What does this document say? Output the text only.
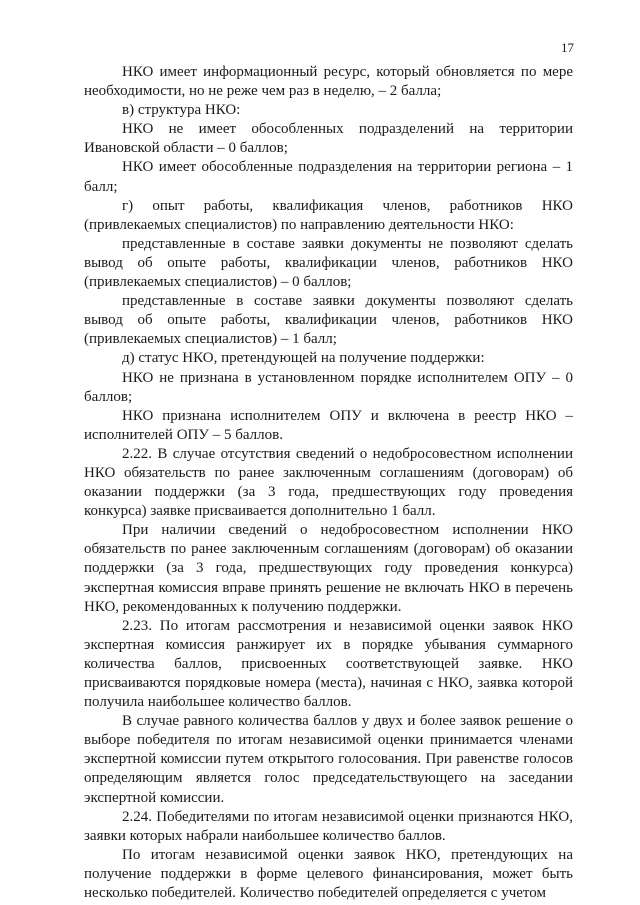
17

НКО имеет информационный ресурс, который обновляется по мере необходимости, но не реже чем раз в неделю, – 2 балла;

в) структура НКО:

НКО не имеет обособленных подразделений на территории Ивановской области – 0 баллов;

НКО имеет обособленные подразделения на территории региона – 1 балл;

г) опыт работы, квалификация членов, работников НКО (привлекаемых специалистов) по направлению деятельности НКО:

представленные в составе заявки документы не позволяют сделать вывод об опыте работы, квалификации членов, работников НКО (привлекаемых специалистов) – 0 баллов;

представленные в составе заявки документы позволяют сделать вывод об опыте работы, квалификации членов, работников НКО (привлекаемых специалистов) – 1 балл;

д) статус НКО, претендующей на получение поддержки:

НКО не признана в установленном порядке исполнителем ОПУ – 0 баллов;

НКО признана исполнителем ОПУ и включена в реестр НКО – исполнителей ОПУ – 5 баллов.

2.22. В случае отсутствия сведений о недобросовестном исполнении НКО обязательств по ранее заключенным соглашениям (договорам) об оказании поддержки (за 3 года, предшествующих году проведения конкурса) заявке присваивается дополнительно 1 балл.

При наличии сведений о недобросовестном исполнении НКО обязательств по ранее заключенным соглашениям (договорам) об оказании поддержки (за 3 года, предшествующих году проведения конкурса) экспертная комиссия вправе принять решение не включать НКО в перечень НКО, рекомендованных к получению поддержки.

2.23. По итогам рассмотрения и независимой оценки заявок НКО экспертная комиссия ранжирует их в порядке убывания суммарного количества баллов, присвоенных соответствующей заявке. НКО присваиваются порядковые номера (места), начиная с НКО, заявка которой получила наибольшее количество баллов.

В случае равного количества баллов у двух и более заявок решение о выборе победителя по итогам независимой оценки принимается членами экспертной комиссии путем открытого голосования. При равенстве голосов определяющим является голос председательствующего на заседании экспертной комиссии.

2.24. Победителями по итогам независимой оценки признаются НКО, заявки которых набрали наибольшее количество баллов.

По итогам независимой оценки заявок НКО, претендующих на получение поддержки в форме целевого финансирования, может быть несколько победителей. Количество победителей определяется с учетом
